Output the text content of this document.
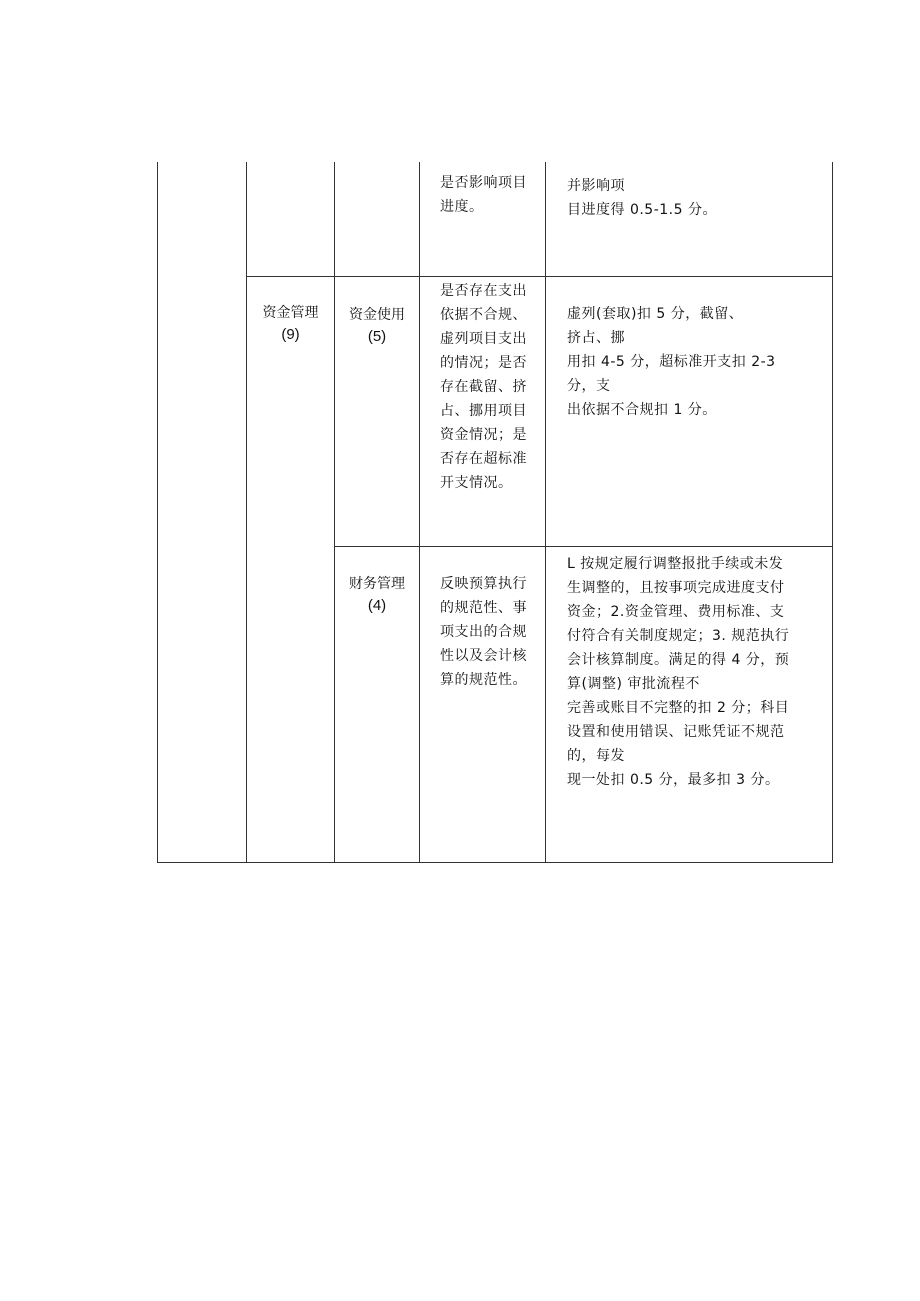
是否影响项目
进度。
并影响项
目进度得 0.5-1.5 分。
资金管理
(9)
资金使用
(5)
是否存在支出
依据不合规、
虚列项目支出
的情况；是否
存在截留、挤
占、挪用项目
资金情况；是
否存在超标准
开支情况。
虚列(套取)扣 5 分，截留、
挤占、挪
用扣 4-5 分，超标准开支扣 2-3
分，支
出依据不合规扣 1 分。
财务管理
(4)
反映预算执行
的规范性、事
项支出的合规
性以及会计核
算的规范性。
L 按规定履行调整报批手续或未发
生调整的，且按事项完成进度支付
资金；2.资金管理、费用标准、支
付符合有关制度规定；3. 规范执行
会计核算制度。满足的得 4 分，预
算(调整) 审批流程不
完善或账目不完整的扣 2 分；科目
设置和使用错误、记账凭证不规范
的，每发
现一处扣 0.5 分，最多扣 3 分。
